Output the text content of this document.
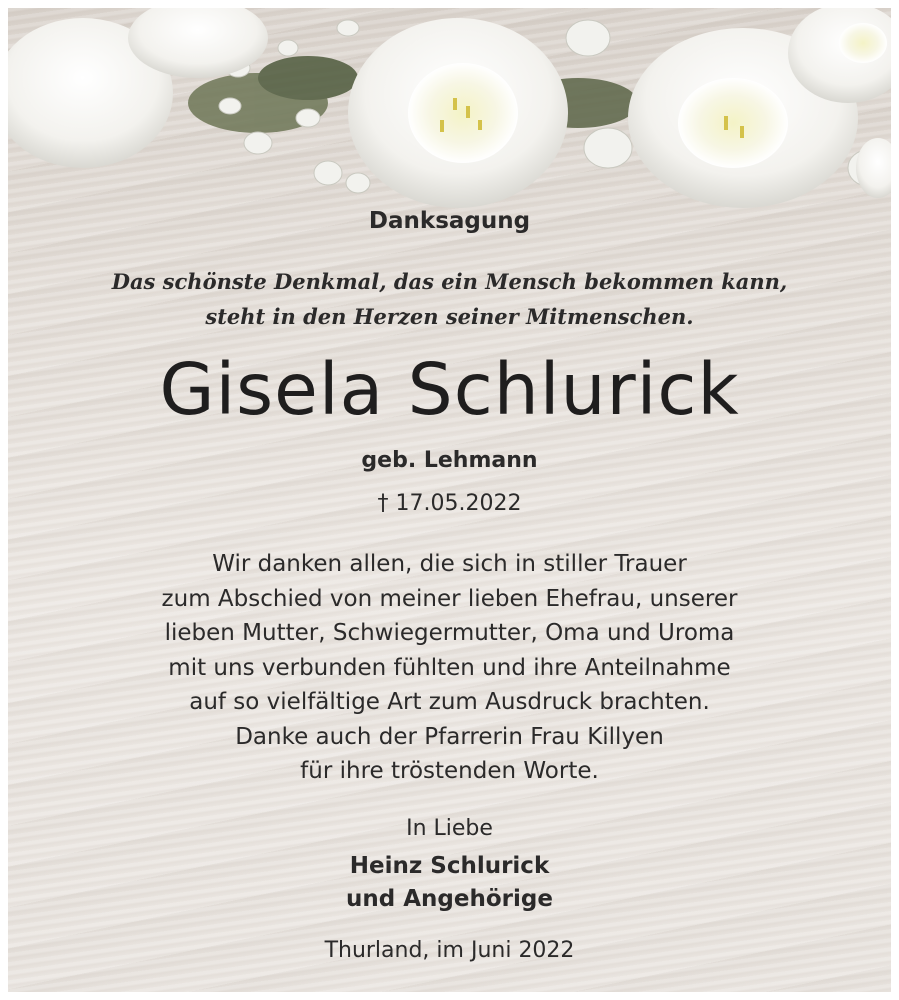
Danksagung
Das schönste Denkmal, das ein Mensch bekommen kann,
steht in den Herzen seiner Mitmenschen.
Gisela Schlurick
geb. Lehmann
† 17.05.2022
Wir danken allen, die sich in stiller Trauer
zum Abschied von meiner lieben Ehefrau, unserer
lieben Mutter, Schwiegermutter, Oma und Uroma
mit uns verbunden fühlten und ihre Anteilnahme
auf so vielfältige Art zum Ausdruck brachten.
Danke auch der Pfarrerin Frau Killyen
für ihre tröstenden Worte.
In Liebe
Heinz Schlurick
und Angehörige
Thurland, im Juni 2022
